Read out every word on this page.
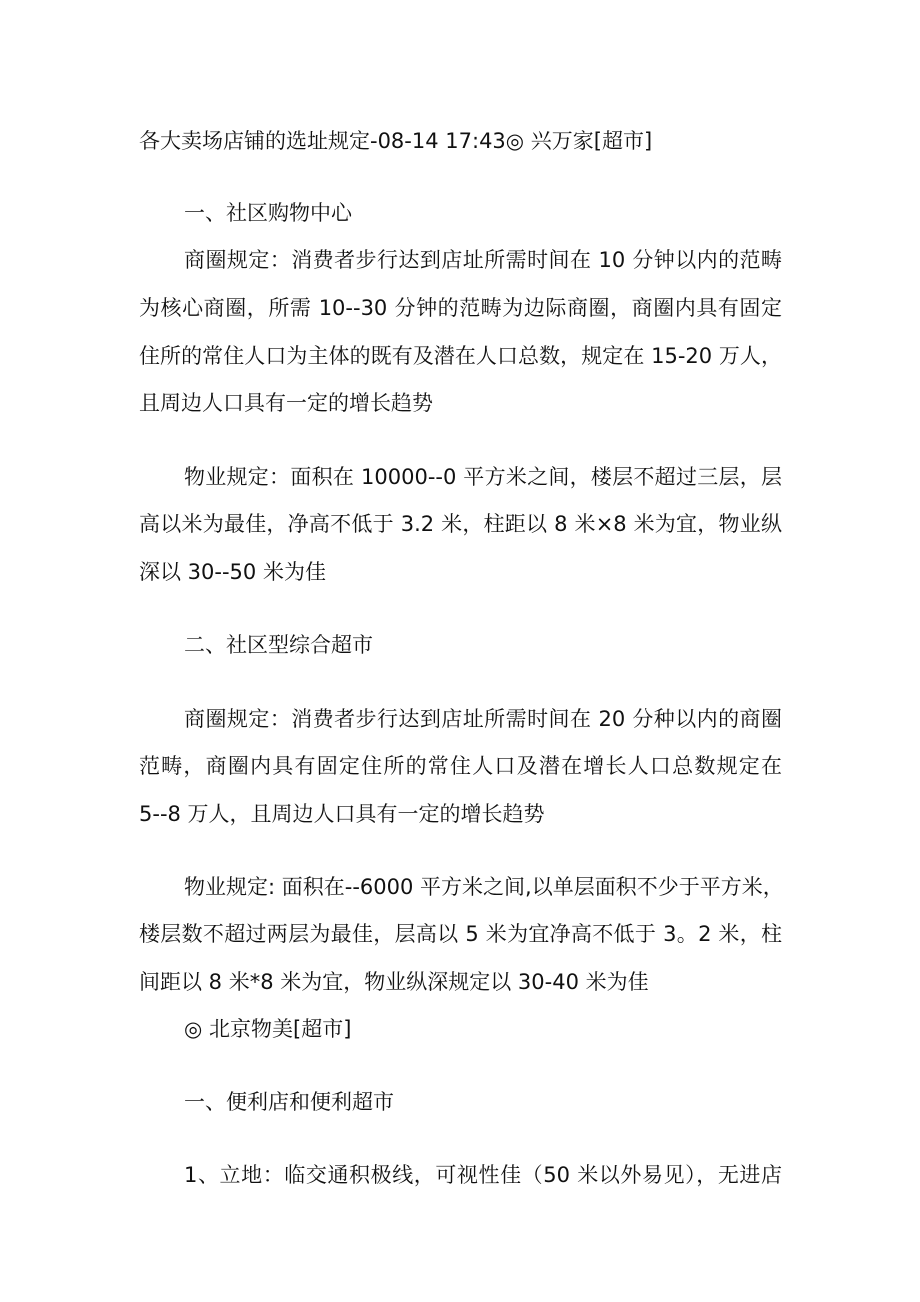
各大卖场店铺的选址规定-08-14 17:43◎ 兴万家[超市]
一、社区购物中心
商圈规定：消费者步行达到店址所需时间在 10 分钟以内的范畴
为核心商圈，所需 10--30 分钟的范畴为边际商圈，商圈内具有固定
住所的常住人口为主体的既有及潜在人口总数，规定在 15-20 万人，
且周边人口具有一定的增长趋势
物业规定：面积在 10000--0 平方米之间，楼层不超过三层，层
高以米为最佳，净高不低于 3.2 米，柱距以 8 米×8 米为宜，物业纵
深以 30--50 米为佳
二、社区型综合超市
商圈规定：消费者步行达到店址所需时间在 20 分种以内的商圈
范畴，商圈内具有固定住所的常住人口及潜在增长人口总数规定在
5--8 万人，且周边人口具有一定的增长趋势
物业规定: 面积在--6000 平方米之间,以单层面积不少于平方米，
楼层数不超过两层为最佳，层高以 5 米为宜净高不低于 3。2 米，柱
间距以 8 米*8 米为宜，物业纵深规定以 30-40 米为佳
◎ 北京物美[超市]
一、便利店和便利超市
1、立地：临交通积极线，可视性佳（50 米以外易见），无进店
